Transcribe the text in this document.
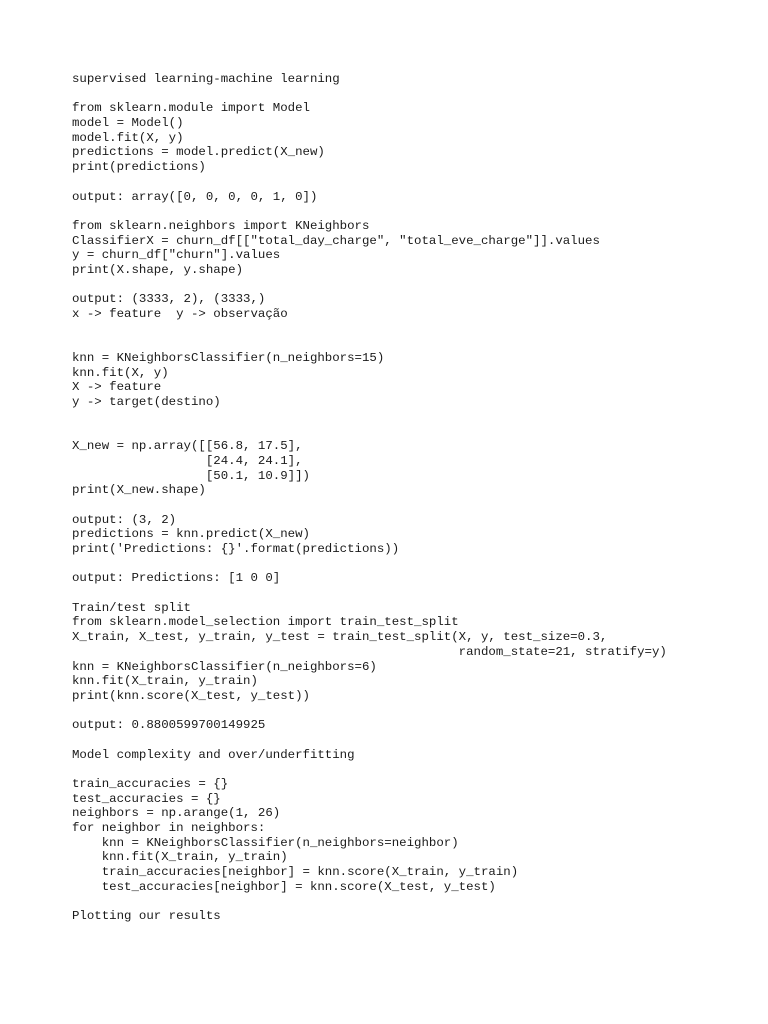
supervised learning-machine learning
from sklearn.module import Model
model = Model()
model.fit(X, y)
predictions = model.predict(X_new)
print(predictions)
output: array([0, 0, 0, 0, 1, 0])
from sklearn.neighbors import KNeighbors
ClassifierX = churn_df[["total_day_charge", "total_eve_charge"]].values
y = churn_df["churn"].values
print(X.shape, y.shape)
output: (3333, 2), (3333,)
x -> feature  y -> observação
knn = KNeighborsClassifier(n_neighbors=15)
knn.fit(X, y)
X -> feature
y -> target(destino)
X_new = np.array([[56.8, 17.5],
[24.4, 24.1],
[50.1, 10.9]])
print(X_new.shape)
output: (3, 2)
predictions = knn.predict(X_new)
print('Predictions: {}'.format(predictions))
output: Predictions: [1 0 0]
Train/test split
from sklearn.model_selection import train_test_split
X_train, X_test, y_train, y_test = train_test_split(X, y, test_size=0.3,
random_state=21, stratify=y)
knn = KNeighborsClassifier(n_neighbors=6)
knn.fit(X_train, y_train)
print(knn.score(X_test, y_test))
output: 0.8800599700149925
Model complexity and over/underfitting
train_accuracies = {}
test_accuracies = {}
neighbors = np.arange(1, 26)
for neighbor in neighbors:
knn = KNeighborsClassifier(n_neighbors=neighbor)
knn.fit(X_train, y_train)
train_accuracies[neighbor] = knn.score(X_train, y_train)
test_accuracies[neighbor] = knn.score(X_test, y_test)
Plotting our results
